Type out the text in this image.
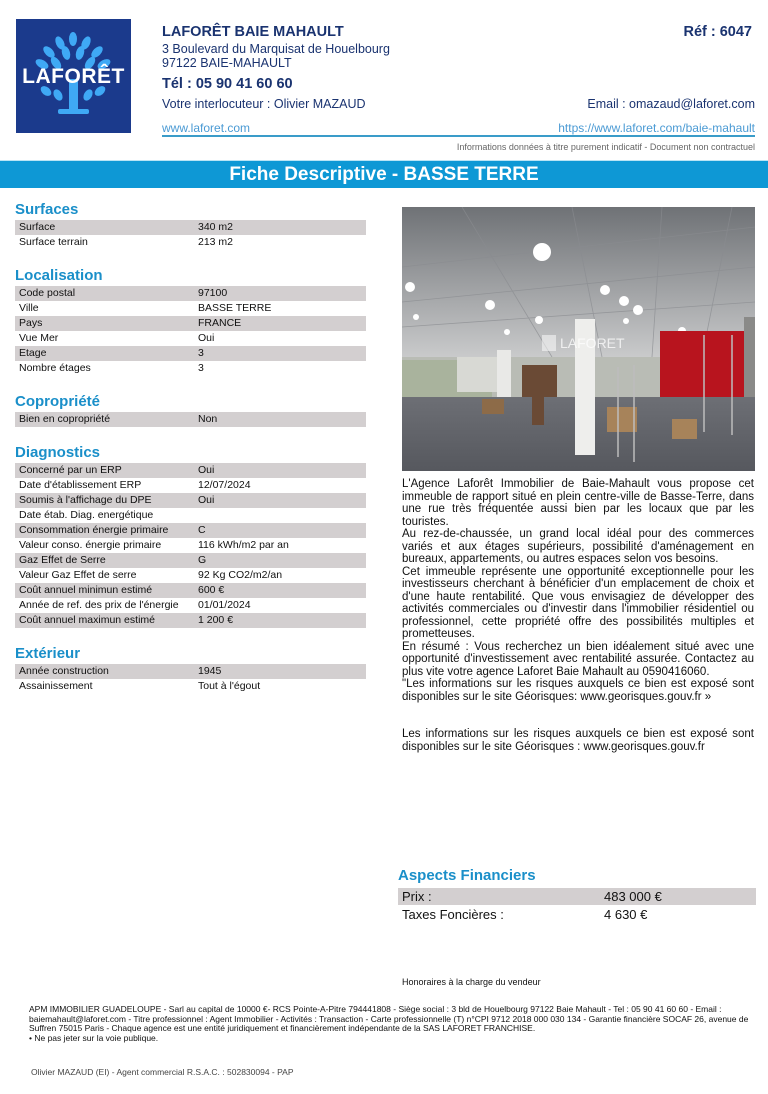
LAFORÊT
LAFORÊT BAIE MAHAULT	Réf : 6047
3 Boulevard du Marquisat de Houelbourg
97122 BAIE-MAHAULT
Tél : 05 90 41 60 60
Votre interlocuteur : Olivier MAZAUD	Email : omazaud@laforet.com
www.laforet.com	https://www.laforet.com/baie-mahault
Informations données à titre purement indicatif - Document non contractuel
Fiche Descriptive - BASSE TERRE
Surfaces
Surface	340 m2
Surface terrain	213 m2
Localisation
Code postal	97100
Ville	BASSE TERRE
Pays	FRANCE
Vue Mer	Oui
Etage	3
Nombre étages	3
Copropriété
Bien en copropriété	Non
Diagnostics
Concerné par un ERP	Oui
Date d'établissement ERP	12/07/2024
Soumis à l'affichage du DPE	Oui
Date étab. Diag. energétique
Consommation énergie primaire	C
Valeur conso. énergie primaire	116 kWh/m2 par an
Gaz Effet de Serre	G
Valeur Gaz Effet de serre	92 Kg CO2/m2/an
Coût annuel minimun estimé	600 €
Année de ref. des prix de l'énergie	01/01/2024
Coût annuel maximun estimé	1 200 €
Extérieur
Année construction	1945
Assainissement	Tout à l'égout
LAFORET

L'Agence Laforêt Immobilier de Baie-Mahault vous propose cet immeuble de rapport situé en plein centre-ville de Basse-Terre, dans une rue très fréquentée aussi bien par les locaux que par les touristes.

Au rez-de-chaussée, un grand local idéal pour des commerces variés et aux étages supérieurs, possibilité d'aménagement en bureaux, appartements, ou autres espaces selon vos besoins.

Cet immeuble représente une opportunité exceptionnelle pour les investisseurs cherchant à bénéficier d'un emplacement de choix et d'une haute rentabilité. Que vous envisagiez de développer des activités commerciales ou d'investir dans l'immobilier résidentiel ou professionnel, cette propriété offre des possibilités multiples et prometteuses.

En résumé : Vous recherchez un bien idéalement situé avec une opportunité d'investissement avec rentabilité assurée. Contactez au plus vite votre agence Laforet Baie Mahault au 0590416060.

"Les informations sur les risques auxquels ce bien est exposé sont disponibles sur le site Géorisques: www.georisques.gouv.fr »

Les informations sur les risques auxquels ce bien est exposé sont disponibles sur le site Géorisques : www.georisques.gouv.fr

Aspects Financiers
Prix :	483 000 €
Taxes Foncières :	4 630 €
Honoraires à la charge du vendeur
APM IMMOBILIER GUADELOUPE - Sarl au capital de 10000 €- RCS Pointe-A-Pitre 794441808 - Siège social : 3 bld de Houelbourg 97122 Baie Mahault - Tel : 05 90 41 60 60 - Email : baiemahault@laforet.com - Titre professionnel : Agent Immobilier - Activités : Transaction - Carte professionnelle (T) n°CPI 9712 2018 000 030 134 - Garantie financière SOCAF 26, avenue de Suffren 75015 Paris - Chaque agence est une entité juridiquement et financièrement indépendante de la SAS LAFORET FRANCHISE.
• Ne pas jeter sur la voie publique.
Olivier MAZAUD (EI) - Agent commercial R.S.A.C. : 502830094 - PAP
